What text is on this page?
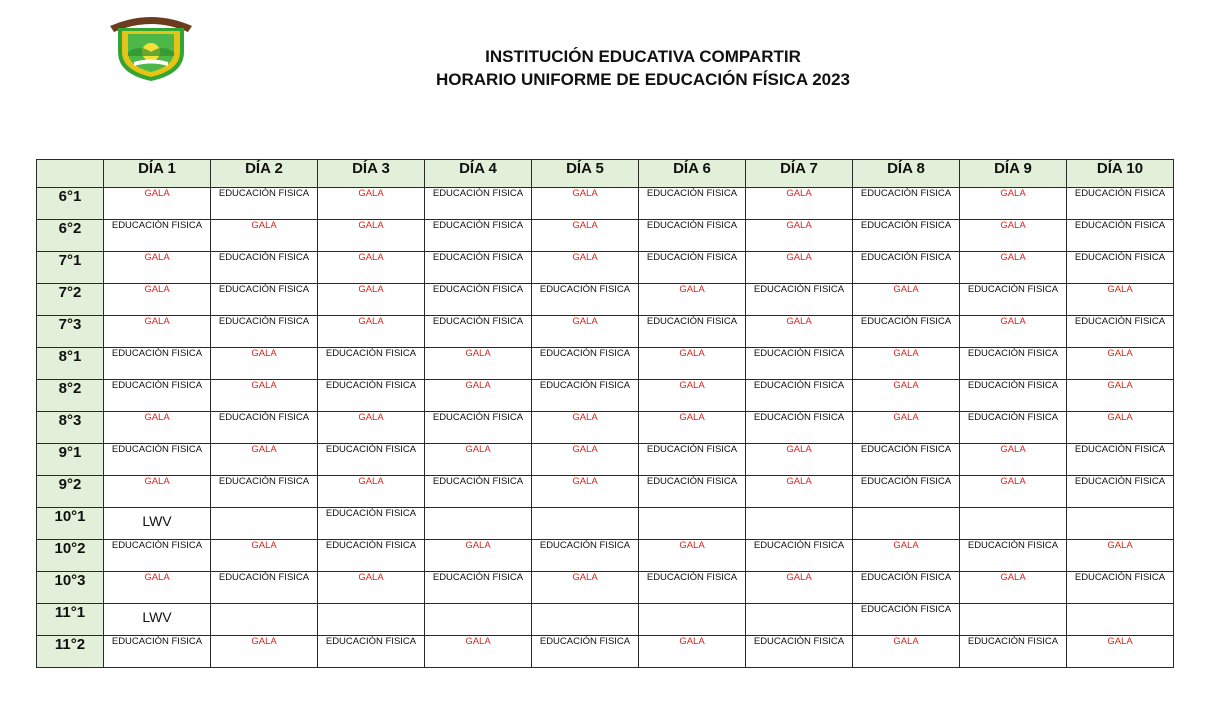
INSTITUCIÓN EDUCATIVA COMPARTIR
HORARIO UNIFORME DE EDUCACIÓN FÍSICA 2023
	DÍA 1	DÍA 2	DÍA 3	DÍA 4	DÍA 5	DÍA 6	DÍA 7	DÍA 8	DÍA 9	DÍA 10
6°1	GALA	EDUCACIÓN FISICA	GALA	EDUCACIÓN FISICA	GALA	EDUCACIÓN FISICA	GALA	EDUCACIÓN FISICA	GALA	EDUCACIÓN FISICA
6°2	EDUCACIÓN FISICA	GALA	GALA	EDUCACIÓN FISICA	GALA	EDUCACIÓN FISICA	GALA	EDUCACIÓN FISICA	GALA	EDUCACIÓN FISICA
7°1	GALA	EDUCACIÓN FISICA	GALA	EDUCACIÓN FISICA	GALA	EDUCACIÓN FISICA	GALA	EDUCACIÓN FISICA	GALA	EDUCACIÓN FISICA
7°2	GALA	EDUCACIÓN FISICA	GALA	EDUCACIÓN FISICA	EDUCACIÓN FISICA	GALA	EDUCACIÓN FISICA	GALA	EDUCACIÓN FISICA	GALA
7°3	GALA	EDUCACIÓN FISICA	GALA	EDUCACIÓN FISICA	GALA	EDUCACIÓN FISICA	GALA	EDUCACIÓN FISICA	GALA	EDUCACIÓN FISICA
8°1	EDUCACIÓN FISICA	GALA	EDUCACIÓN FISICA	GALA	EDUCACIÓN FISICA	GALA	EDUCACIÓN FISICA	GALA	EDUCACIÓN FISICA	GALA
8°2	EDUCACIÓN FISICA	GALA	EDUCACIÓN FISICA	GALA	EDUCACIÓN FISICA	GALA	EDUCACIÓN FISICA	GALA	EDUCACIÓN FISICA	GALA
8°3	GALA	EDUCACIÓN FISICA	GALA	EDUCACIÓN FISICA	GALA	GALA	EDUCACIÓN FISICA	GALA	EDUCACIÓN FISICA	GALA
9°1	EDUCACIÓN FISICA	GALA	EDUCACIÓN FISICA	GALA	GALA	EDUCACIÓN FISICA	GALA	EDUCACIÓN FISICA	GALA	EDUCACIÓN FISICA
9°2	GALA	EDUCACIÓN FISICA	GALA	EDUCACIÓN FISICA	GALA	EDUCACIÓN FISICA	GALA	EDUCACIÓN FISICA	GALA	EDUCACIÓN FISICA
10°1	LWV		EDUCACIÓN FISICA							
10°2	EDUCACIÓN FISICA	GALA	EDUCACIÓN FISICA	GALA	EDUCACIÓN FISICA	GALA	EDUCACIÓN FISICA	GALA	EDUCACIÓN FISICA	GALA
10°3	GALA	EDUCACIÓN FISICA	GALA	EDUCACIÓN FISICA	GALA	EDUCACIÓN FISICA	GALA	EDUCACIÓN FISICA	GALA	EDUCACIÓN FISICA
11°1	LWV							EDUCACIÓN FISICA		
11°2	EDUCACIÓN FISICA	GALA	EDUCACIÓN FISICA	GALA	EDUCACIÓN FISICA	GALA	EDUCACIÓN FISICA	GALA	EDUCACIÓN FISICA	GALA
